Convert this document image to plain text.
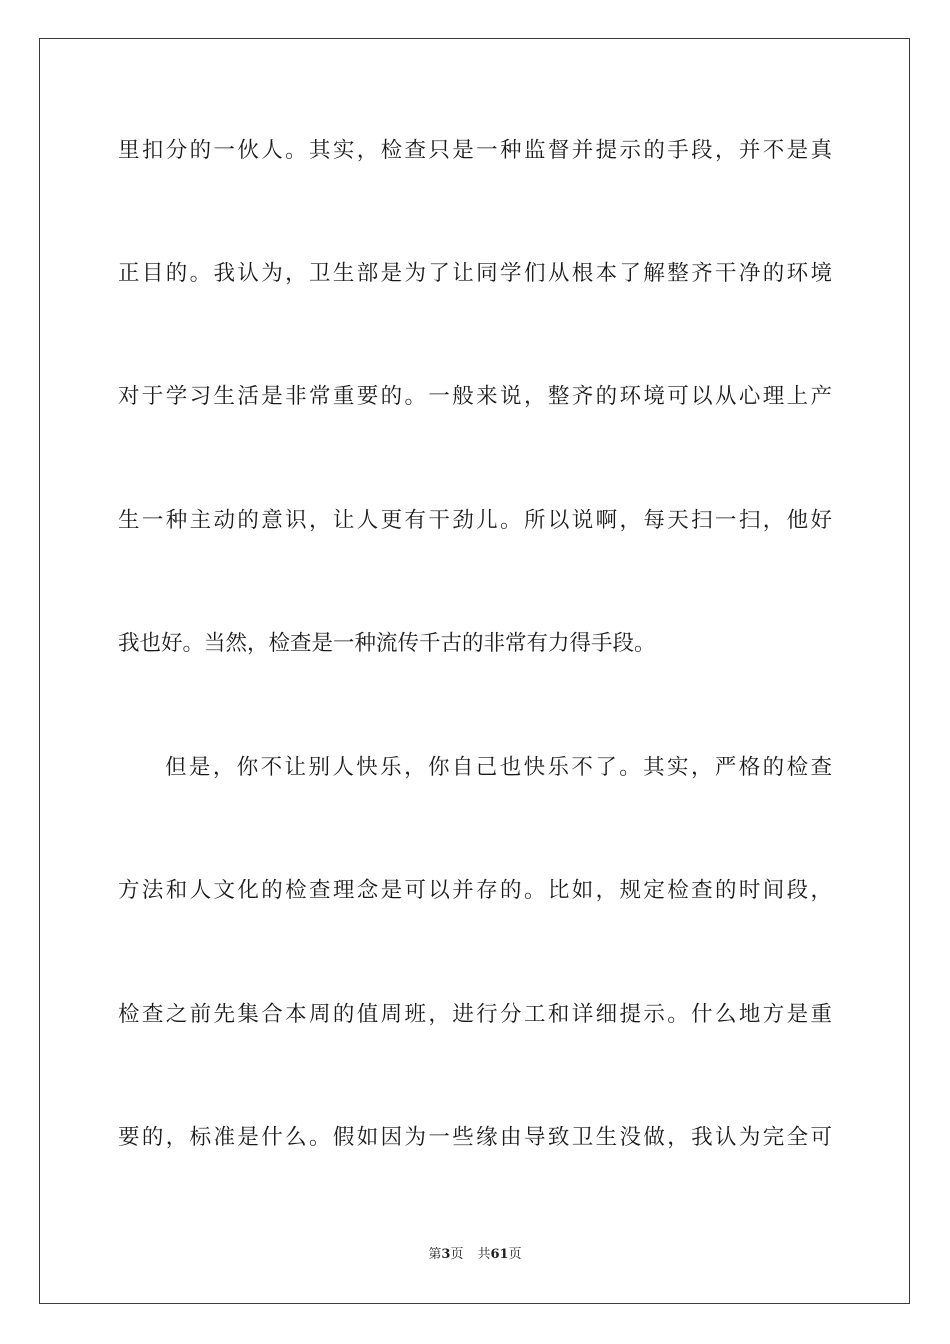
里扣分的一伙人。其实，检查只是一种监督并提示的手段，并不是真
正目的。我认为，卫生部是为了让同学们从根本了解整齐干净的环境
对于学习生活是非常重要的。一般来说，整齐的环境可以从心理上产
生一种主动的意识，让人更有干劲儿。所以说啊，每天扫一扫，他好
我也好。当然，检查是一种流传千古的非常有力得手段。
但是，你不让别人快乐，你自己也快乐不了。其实，严格的检查
方法和人文化的检查理念是可以并存的。比如，规定检查的时间段，
检查之前先集合本周的值周班，进行分工和详细提示。什么地方是重
要的，标准是什么。假如因为一些缘由导致卫生没做，我认为完全可
第3页 共61页
